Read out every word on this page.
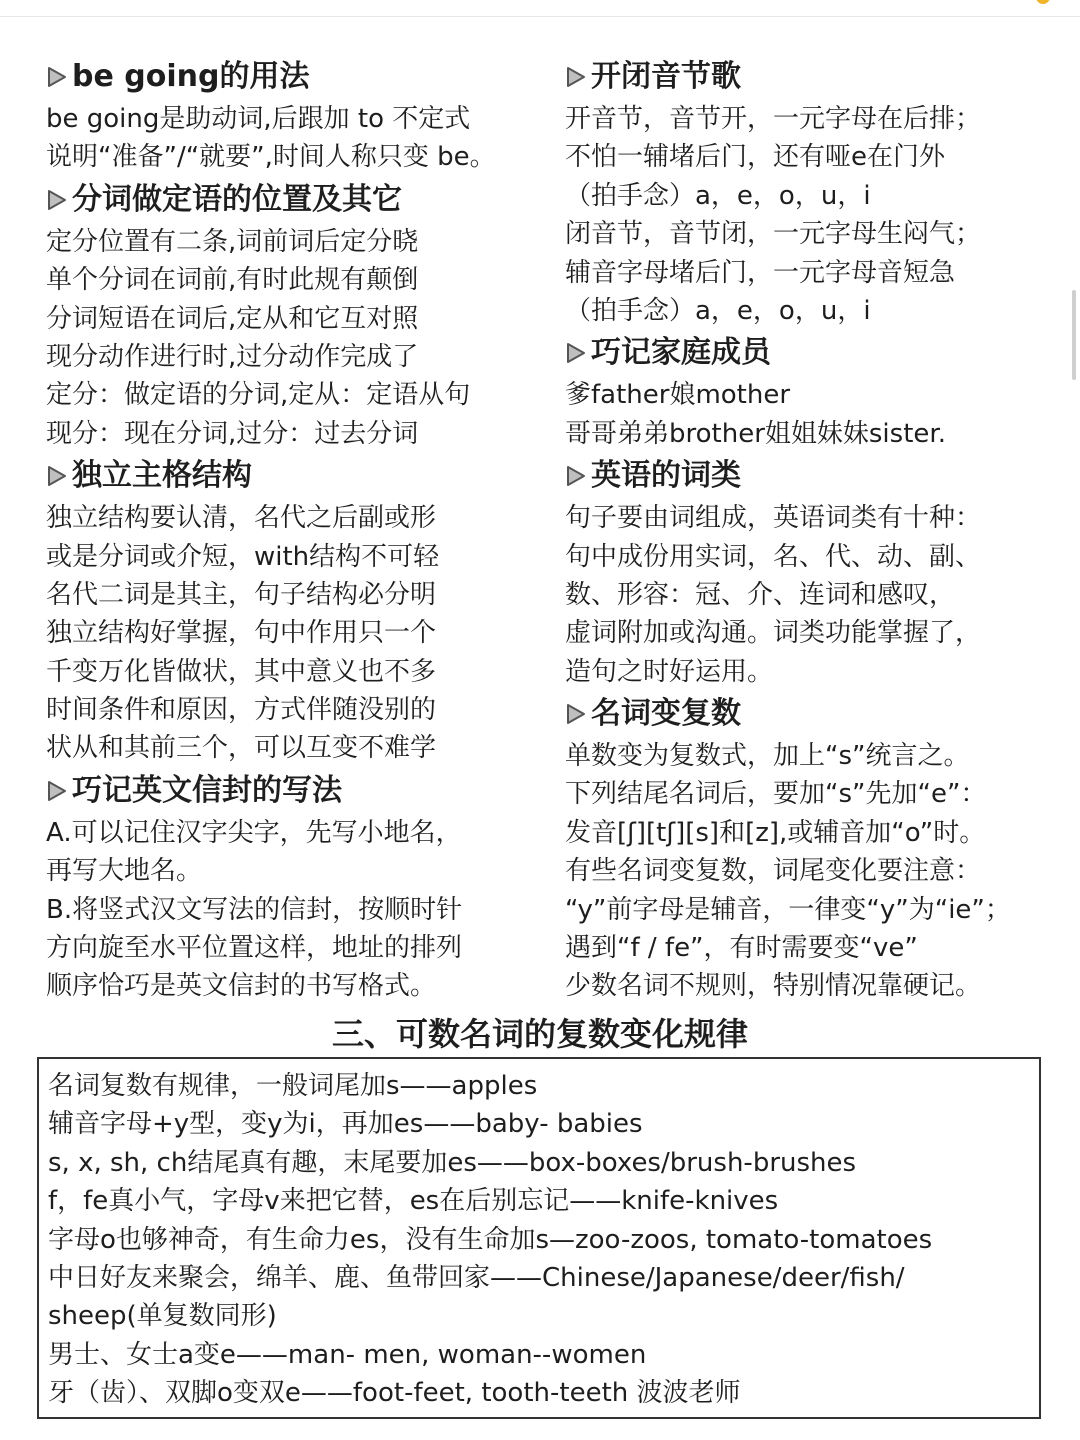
be going的用法
be going是助动词,后跟加 to 不定式
说明“准备”/“就要”,时间人称只变 be。
分词做定语的位置及其它
定分位置有二条,词前词后定分晓
单个分词在词前,有时此规有颠倒
分词短语在词后,定从和它互对照
现分动作进行时,过分动作完成了
定分：做定语的分词,定从：定语从句
现分：现在分词,过分：过去分词
独立主格结构
独立结构要认清，名代之后副或形
或是分词或介短，with结构不可轻
名代二词是其主，句子结构必分明
独立结构好掌握，句中作用只一个
千变万化皆做状，其中意义也不多
时间条件和原因，方式伴随没别的
状从和其前三个，可以互变不难学
巧记英文信封的写法
A.可以记住汉字尖字，先写小地名，
再写大地名。
B.将竖式汉文写法的信封，按顺时针
方向旋至水平位置这样，地址的排列
顺序恰巧是英文信封的书写格式。
开闭音节歌
开音节，音节开，一元字母在后排；
不怕一辅堵后门，还有哑e在门外
（拍手念）a，e，o，u，i
闭音节，音节闭，一元字母生闷气；
辅音字母堵后门，一元字母音短急
（拍手念）a，e，o，u，i
巧记家庭成员
爹father娘mother
哥哥弟弟brother姐姐妹妹sister.
英语的词类
句子要由词组成，英语词类有十种：
句中成份用实词，名、代、动、副、
数、形容：冠、介、连词和感叹，
虚词附加或沟通。词类功能掌握了，
造句之时好运用。
名词变复数
单数变为复数式，加上“s”统言之。
下列结尾名词后，要加“s”先加“e”：
发音[ʃ][tʃ][s]和[z],或辅音加“o”时。
有些名词变复数，词尾变化要注意：
“y”前字母是辅音，一律变“y”为“ie”；
遇到“f / fe”，有时需要变“ve”
少数名词不规则，特别情况靠硬记。
三、可数名词的复数变化规律
名词复数有规律，一般词尾加s——apples
辅音字母+y型，变y为i，再加es——baby- babies
s, x, sh, ch结尾真有趣，末尾要加es——box-boxes/brush-brushes
f，fe真小气，字母v来把它替，es在后别忘记——knife-knives
字母o也够神奇，有生命力es，没有生命加s—zoo-zoos, tomato-tomatoes
中日好友来聚会，绵羊、鹿、鱼带回家——Chinese/Japanese/deer/fish/
sheep(单复数同形)
男士、女士a变e——man- men, woman--women
牙（齿）、双脚o变双e——foot-feet, tooth-teeth 波波老师
